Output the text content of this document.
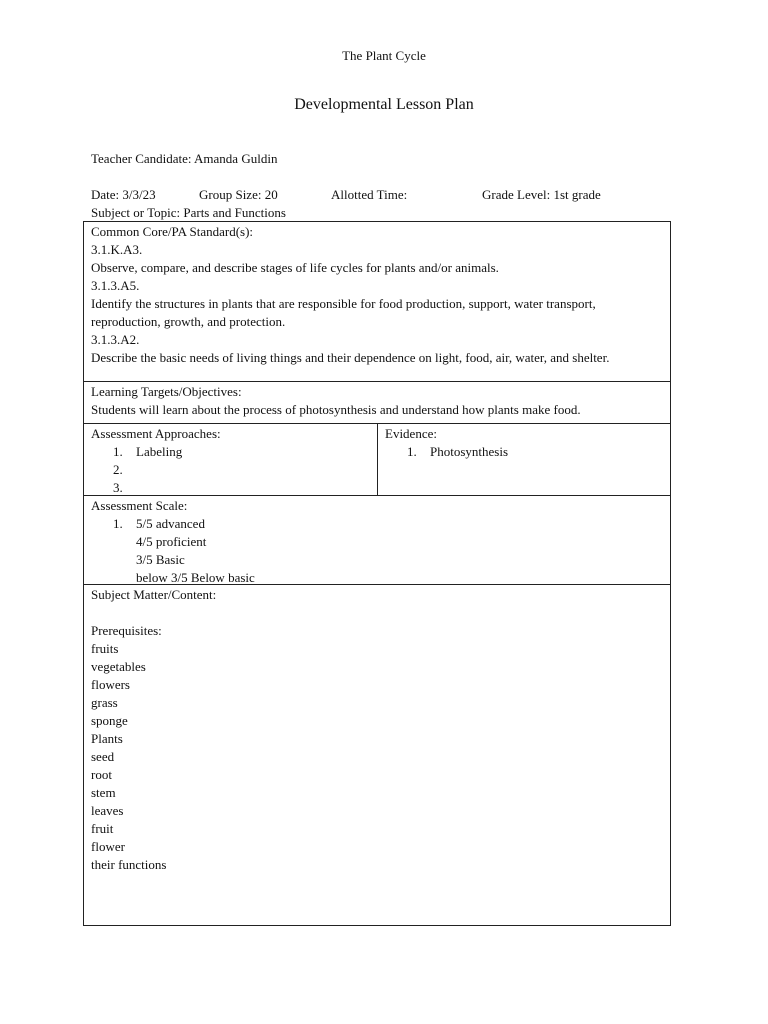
The Plant Cycle
Developmental Lesson Plan
Teacher Candidate: Amanda Guldin
Date: 3/3/23	Group Size: 20	Allotted Time:	Grade Level: 1st grade
Subject or Topic: Parts and Functions
Common Core/PA Standard(s):
3.1.K.A3.
Observe, compare, and describe stages of life cycles for plants and/or animals.
3.1.3.A5.
Identify the structures in plants that are responsible for food production, support, water transport, reproduction, growth, and protection.
3.1.3.A2.
Describe the basic needs of living things and their dependence on light, food, air, water, and shelter.
Learning Targets/Objectives:
Students will learn about the process of photosynthesis and understand how plants make food.
Assessment Approaches:
1. Labeling
2.

3.

Evidence:
1. Photosynthesis
Assessment Scale:
1. 5/5 advanced
4/5 proficient
3/5 Basic
below 3/5 Below basic
Subject Matter/Content:
Prerequisites:
fruits
vegetables
flowers
grass
sponge
Plants
seed
root
stem
leaves
fruit
flower
their functions
